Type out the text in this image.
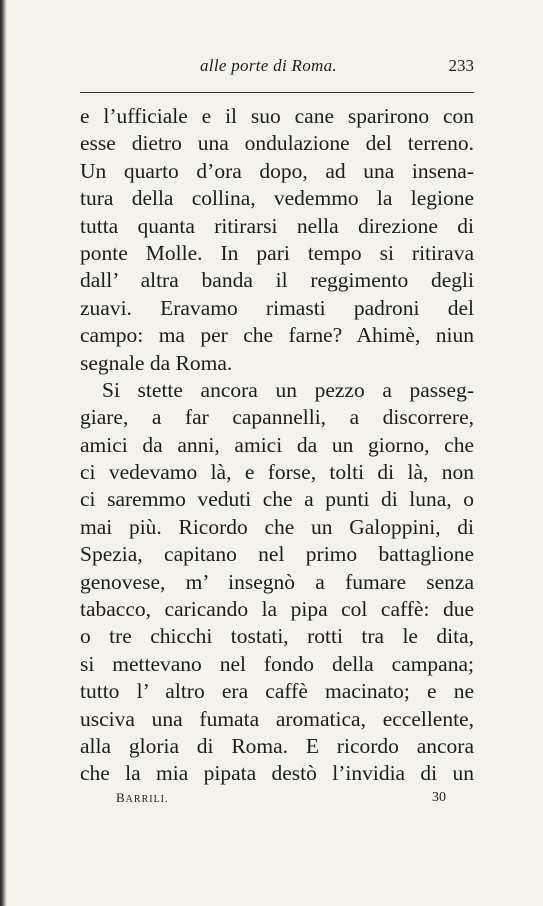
alle porte di Roma.	233
e l’ufficiale e il suo cane sparirono con
esse dietro una ondulazione del terreno.
Un quarto d’ora dopo, ad una insena-
tura della collina, vedemmo la legione
tutta quanta ritirarsi nella direzione di
ponte Molle. In pari tempo si ritirava
dall’ altra banda il reggimento degli
zuavi. Eravamo rimasti padroni del
campo: ma per che farne? Ahimè, niun
segnale da Roma.
Si stette ancora un pezzo a passeg-
giare, a far capannelli, a discorrere,
amici da anni, amici da un giorno, che
ci vedevamo là, e forse, tolti di là, non
ci saremmo veduti che a punti di luna, o
mai più. Ricordo che un Galoppini, di
Spezia, capitano nel primo battaglione
genovese, m’ insegnò a fumare senza
tabacco, caricando la pipa col caffè: due
o tre chicchi tostati, rotti tra le dita,
si mettevano nel fondo della campana;
tutto l’ altro era caffè macinato; e ne
usciva una fumata aromatica, eccellente,
alla gloria di Roma. E ricordo ancora
che la mia pipata destò l’invidia di un
BARRILI.	30
